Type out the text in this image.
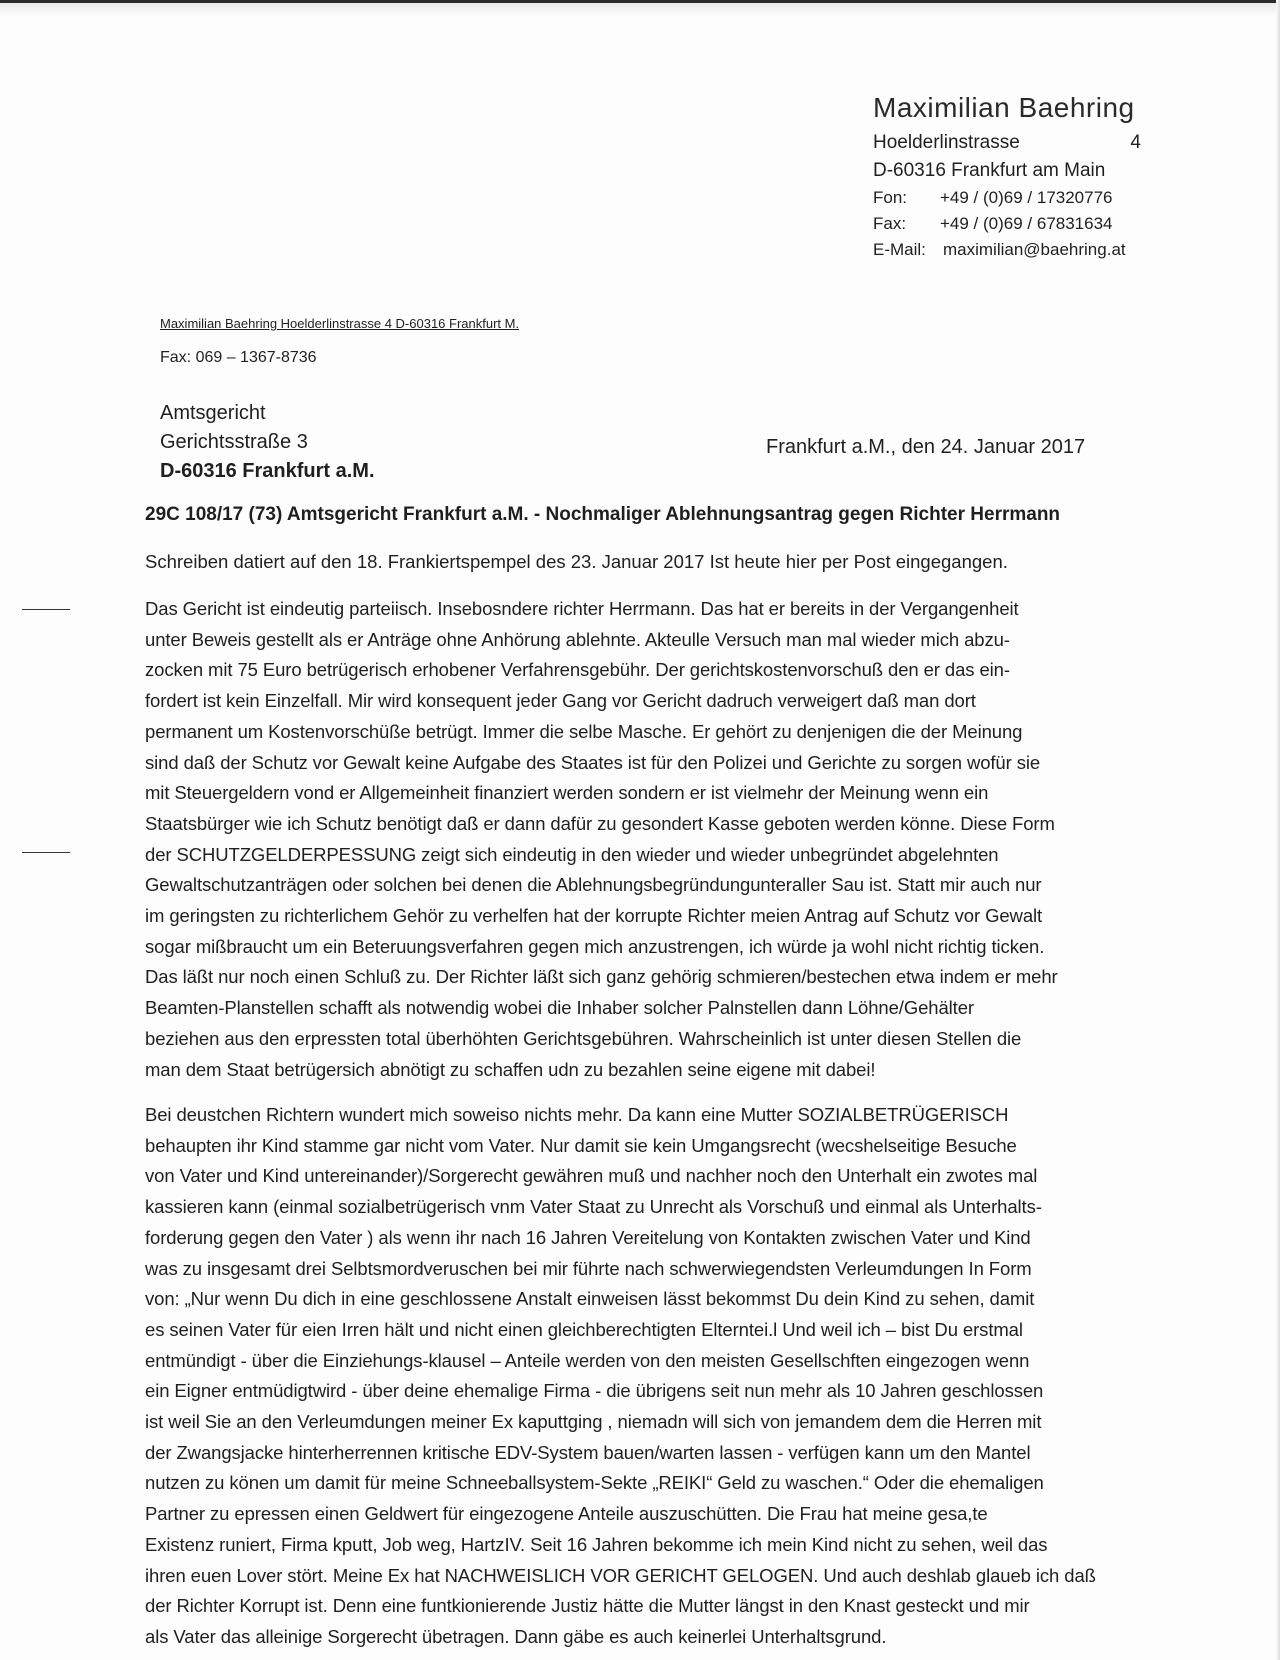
Maximilian Baehring
Hoelderlinstrasse	4
D-60316 Frankfurt am Main
Fon:	+49 / (0)69 / 17320776
Fax:	+49 / (0)69 / 67831634
E-Mail:	maximilian@baehring.at
Maximilian Baehring Hoelderlinstrasse 4 D-60316 Frankfurt M.
Fax: 069 – 1367-8736
Amtsgericht
Gerichtsstraße 3
D-60316 Frankfurt a.M.
Frankfurt a.M., den 24. Januar 2017
29C 108/17 (73) Amtsgericht Frankfurt a.M. - Nochmaliger Ablehnungsantrag gegen Richter Herrmann
Schreiben datiert auf den 18. Frankiertspempel des 23. Januar 2017 Ist heute hier per Post eingegangen.
Das Gericht ist eindeutig parteiisch. Insebosndere richter Herrmann. Das hat er bereits in der Vergangenheit
unter Beweis gestellt als er Anträge ohne Anhörung ablehnte. Akteulle Versuch man mal wieder mich abzu-
zocken mit 75 Euro betrügerisch erhobener Verfahrensgebühr. Der gerichtskostenvorschuß den er das ein-
fordert ist kein Einzelfall. Mir wird konsequent jeder Gang vor Gericht dadruch verweigert daß man dort
permanent um Kostenvorschüße betrügt. Immer die selbe Masche. Er gehört zu denjenigen die der Meinung
sind daß der Schutz vor Gewalt keine Aufgabe des Staates ist für den Polizei und Gerichte zu sorgen wofür sie
mit Steuergeldern vond er Allgemeinheit finanziert werden sondern er ist vielmehr der Meinung wenn ein
Staatsbürger wie ich Schutz benötigt daß er dann dafür zu gesondert Kasse geboten werden könne. Diese Form
der SCHUTZGELDERPESSUNG zeigt sich eindeutig in den wieder und wieder unbegründet abgelehnten
Gewaltschutzanträgen oder solchen bei denen die Ablehnungsbegründungunteraller Sau ist. Statt mir auch nur
im geringsten zu richterlichem Gehör zu verhelfen hat der korrupte Richter meien Antrag auf Schutz vor Gewalt
sogar mißbraucht um ein Beteruungsverfahren gegen mich anzustrengen, ich würde ja wohl nicht richtig ticken.
Das läßt nur noch einen Schluß zu. Der Richter läßt sich ganz gehörig schmieren/bestechen etwa indem er mehr
Beamten-Planstellen schafft als notwendig wobei die Inhaber solcher Palnstellen dann Löhne/Gehälter
beziehen aus den erpressten total überhöhten Gerichtsgebühren. Wahrscheinlich ist unter diesen Stellen die
man dem Staat betrügersich abnötigt zu schaffen udn zu bezahlen seine eigene mit dabei!
Bei deustchen Richtern wundert mich soweiso nichts mehr. Da kann eine Mutter SOZIALBETRÜGERISCH
behaupten ihr Kind stamme gar nicht vom Vater. Nur damit sie kein Umgangsrecht (wecshelseitige Besuche
von Vater und Kind untereinander)/Sorgerecht gewähren muß und nachher noch den Unterhalt ein zwotes mal
kassieren kann (einmal sozialbetrügerisch vnm Vater Staat zu Unrecht als Vorschuß und einmal als Unterhalts-
forderung gegen den Vater ) als wenn ihr nach 16 Jahren Vereitelung von Kontakten zwischen Vater und Kind
was zu insgesamt drei Selbtsmordveruschen bei mir führte nach schwerwiegendsten Verleumdungen In Form
von: „Nur wenn Du dich in eine geschlossene Anstalt einweisen lässt bekommst Du dein Kind zu sehen, damit
es seinen Vater für eien Irren hält und nicht einen gleichberechtigten Elterntei.l Und weil ich – bist Du erstmal
entmündigt - über die Einziehungs-klausel – Anteile werden von den meisten Gesellschften eingezogen wenn
ein Eigner entmüdigtwird - über deine ehemalige Firma - die übrigens seit nun mehr als 10 Jahren geschlossen
ist weil Sie an den Verleumdungen meiner Ex kaputtging , niemadn will sich von jemandem dem die Herren mit
der Zwangsjacke hinterherrennen kritische EDV-System bauen/warten lassen - verfügen kann um den Mantel
nutzen zu könen um damit für meine Schneeballsystem-Sekte „REIKI“ Geld zu waschen.“ Oder die ehemaligen
Partner zu epressen einen Geldwert für eingezogene Anteile auszuschütten. Die Frau hat meine gesa,te
Existenz runiert, Firma kputt, Job weg, HartzIV. Seit 16 Jahren bekomme ich mein Kind nicht zu sehen, weil das
ihren euen Lover stört. Meine Ex hat NACHWEISLICH VOR GERICHT GELOGEN. Und auch deshlab glaueb ich daß
der Richter Korrupt ist. Denn eine funtkionierende Justiz hätte die Mutter längst in den Knast gesteckt und mir
als Vater das alleinige Sorgerecht übetragen. Dann gäbe es auch keinerlei Unterhaltsgrund.
